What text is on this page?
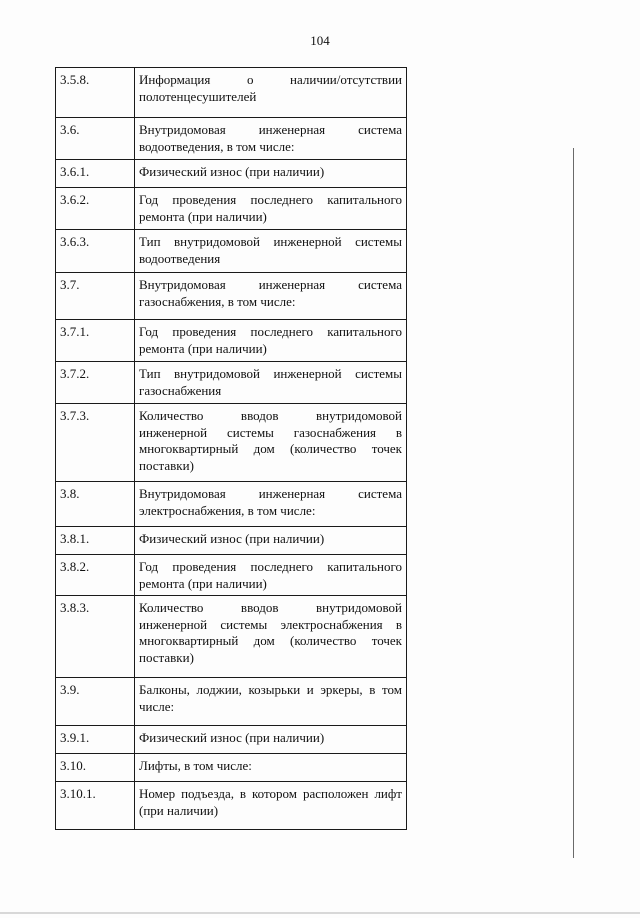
104
3.5.8.	Информация о наличии/отсутствии полотенцесушителей
3.6.	Внутридомовая инженерная система водоотведения, в том числе:
3.6.1.	Физический износ (при наличии)
3.6.2.	Год проведения последнего капитального ремонта (при наличии)
3.6.3.	Тип внутридомовой инженерной системы водоотведения
3.7.	Внутридомовая инженерная система газоснабжения, в том числе:
3.7.1.	Год проведения последнего капитального ремонта (при наличии)
3.7.2.	Тип внутридомовой инженерной системы газоснабжения
3.7.3.	Количество вводов внутридомовой инженерной системы газоснабжения в многоквартирный дом (количество точек поставки)
3.8.	Внутридомовая инженерная система электроснабжения, в том числе:
3.8.1.	Физический износ (при наличии)
3.8.2.	Год проведения последнего капитального ремонта (при наличии)
3.8.3.	Количество вводов внутридомовой инженерной системы электроснабжения в многоквартирный дом (количество точек поставки)
3.9.	Балконы, лоджии, козырьки и эркеры, в том числе:
3.9.1.	Физический износ (при наличии)
3.10.	Лифты, в том числе:
3.10.1.	Номер подъезда, в котором расположен лифт (при наличии)
